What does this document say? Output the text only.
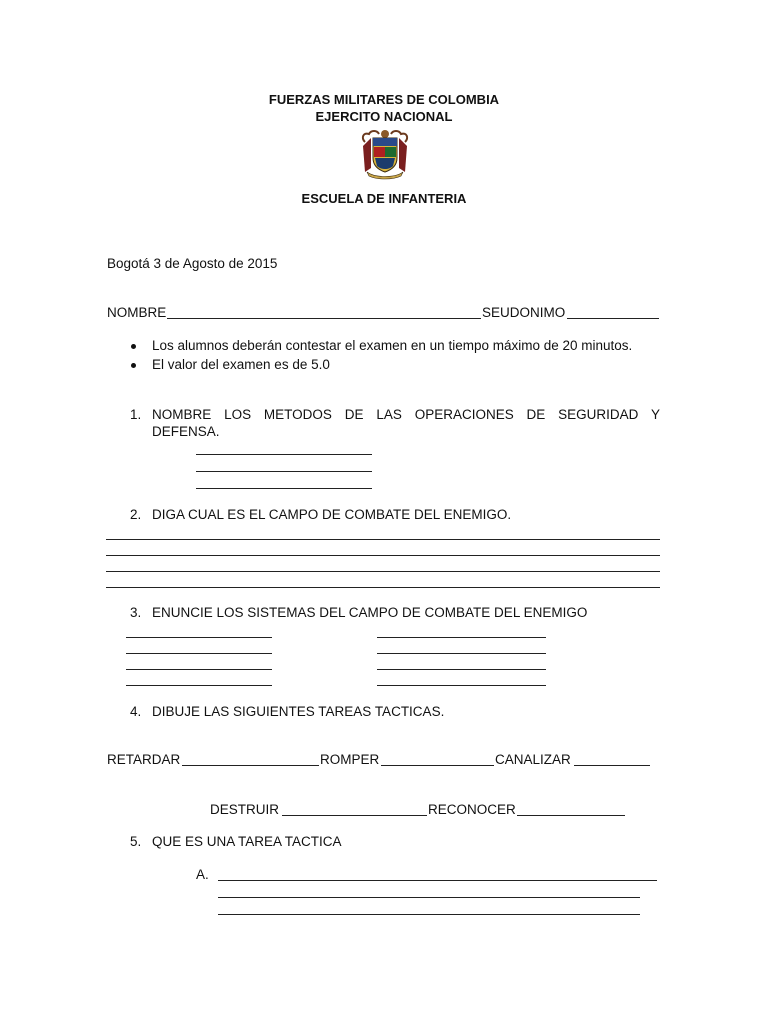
FUERZAS MILITARES DE COLOMBIA
EJERCITO NACIONAL
ESCUELA DE INFANTERIA
Bogotá 3 de Agosto de 2015
NOMBRE	SEUDONIMO
Los alumnos deberán contestar el examen en un tiempo máximo de 20 minutos.
El valor del examen es de 5.0
1. NOMBRE LOS METODOS DE LAS OPERACIONES DE SEGURIDAD Y
DEFENSA.
2. DIGA CUAL ES EL CAMPO DE COMBATE DEL ENEMIGO.
3. ENUNCIE LOS SISTEMAS DEL CAMPO DE COMBATE DEL ENEMIGO
4. DIBUJE LAS SIGUIENTES TAREAS TACTICAS.
RETARDAR	ROMPER	CANALIZAR
DESTRUIR	RECONOCER
5. QUE ES UNA TAREA TACTICA
A.
